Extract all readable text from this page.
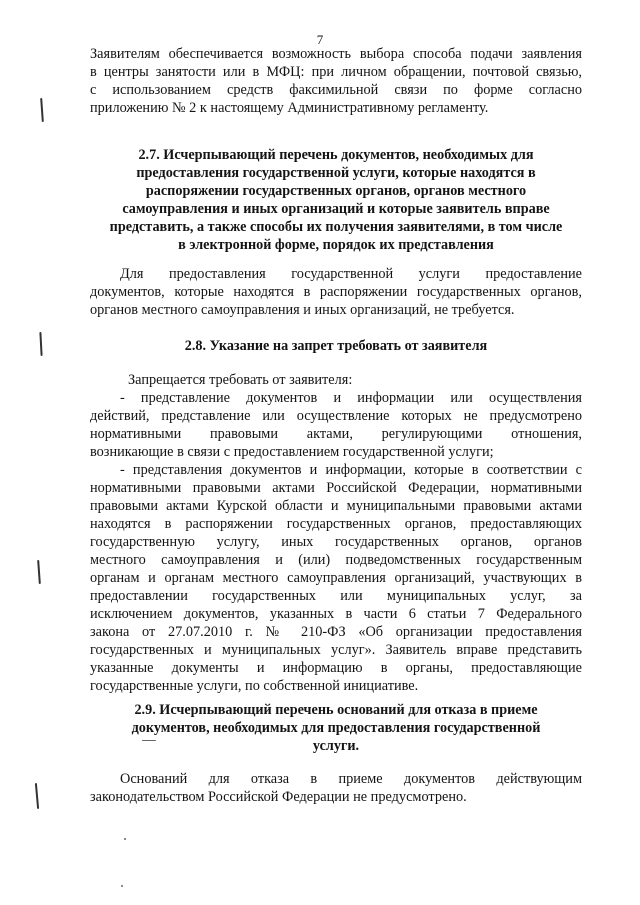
7
Заявителям обеспечивается возможность выбора способа подачи заявления
в центры занятости или в МФЦ: при личном обращении, почтовой связью,
с использованием средств факсимильной связи по форме согласно
приложению № 2 к настоящему Административному регламенту.
2.7. Исчерпывающий перечень документов, необходимых для
предоставления государственной услуги, которые находятся в
распоряжении государственных органов, органов местного
самоуправления и иных организаций и которые заявитель вправе
представить, а также способы их получения заявителями, в том числе
в электронной форме, порядок их представления
Для предоставления государственной услуги предоставление
документов, которые находятся в распоряжении государственных органов,
органов местного самоуправления и иных организаций, не требуется.
2.8. Указание на запрет требовать от заявителя
Запрещается требовать от заявителя:
- представление документов и информации или осуществления
действий, представление или осуществление которых не предусмотрено
нормативными правовыми актами, регулирующими отношения,
возникающие в связи с предоставлением государственной услуги;
- представления документов и информации, которые в соответствии с
нормативными правовыми актами Российской Федерации, нормативными
правовыми актами Курской области и муниципальными правовыми актами
находятся в распоряжении государственных органов, предоставляющих
государственную услугу, иных государственных органов, органов
местного самоуправления и (или) подведомственных государственным
органам и органам местного самоуправления организаций, участвующих в
предоставлении государственных или муниципальных услуг, за
исключением документов, указанных в части 6 статьи 7 Федерального
закона от 27.07.2010 г. № 210-ФЗ «Об организации предоставления
государственных и муниципальных услуг». Заявитель вправе представить
указанные документы и информацию в органы, предоставляющие
государственные услуги, по собственной инициативе.
2.9. Исчерпывающий перечень оснований для отказа в приеме
документов, необходимых для предоставления государственной
услуги.
Оснований для отказа в приеме документов действующим
законодательством Российской Федерации не предусмотрено.
